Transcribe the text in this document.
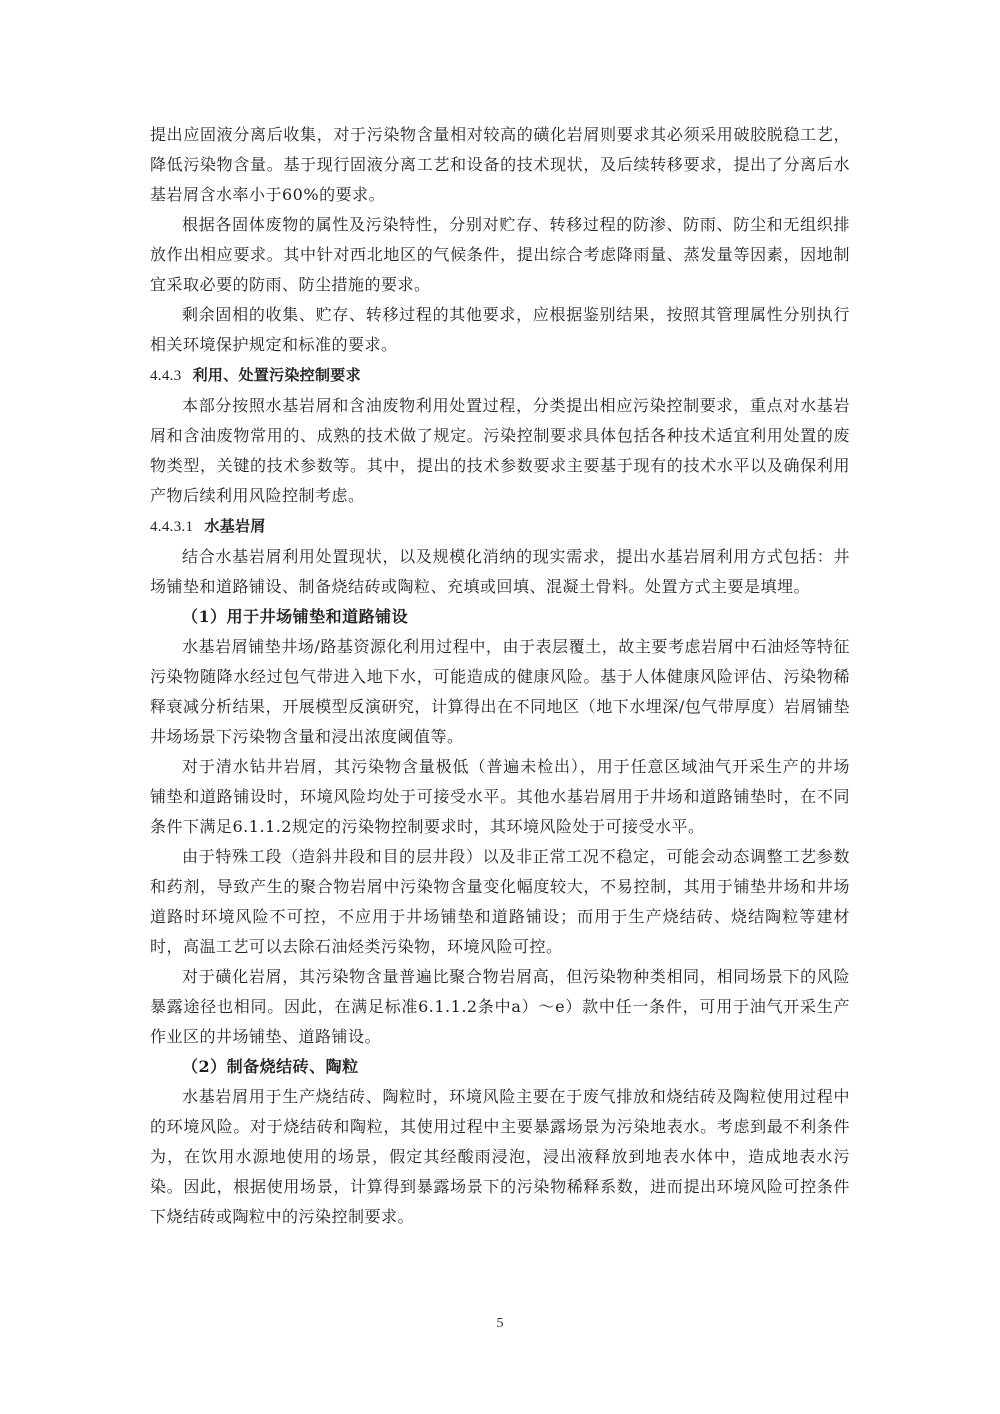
提出应固液分离后收集，对于污染物含量相对较高的磺化岩屑则要求其必须采用破胶脱稳工艺，降低污染物含量。基于现行固液分离工艺和设备的技术现状，及后续转移要求，提出了分离后水基岩屑含水率小于60%的要求。

根据各固体废物的属性及污染特性，分别对贮存、转移过程的防渗、防雨、防尘和无组织排放作出相应要求。其中针对西北地区的气候条件，提出综合考虑降雨量、蒸发量等因素，因地制宜采取必要的防雨、防尘措施的要求。

剩余固相的收集、贮存、转移过程的其他要求，应根据鉴别结果，按照其管理属性分别执行相关环境保护规定和标准的要求。

4.4.3 利用、处置污染控制要求

本部分按照水基岩屑和含油废物利用处置过程，分类提出相应污染控制要求，重点对水基岩屑和含油废物常用的、成熟的技术做了规定。污染控制要求具体包括各种技术适宜利用处置的废物类型，关键的技术参数等。其中，提出的技术参数要求主要基于现有的技术水平以及确保利用产物后续利用风险控制考虑。

4.4.3.1 水基岩屑

结合水基岩屑利用处置现状，以及规模化消纳的现实需求，提出水基岩屑利用方式包括：井场铺垫和道路铺设、制备烧结砖或陶粒、充填或回填、混凝土骨料。处置方式主要是填埋。

（1）用于井场铺垫和道路铺设

水基岩屑铺垫井场/路基资源化利用过程中，由于表层覆土，故主要考虑岩屑中石油烃等特征污染物随降水经过包气带进入地下水，可能造成的健康风险。基于人体健康风险评估、污染物稀释衰减分析结果，开展模型反演研究，计算得出在不同地区（地下水埋深/包气带厚度）岩屑铺垫井场场景下污染物含量和浸出浓度阈值等。

对于清水钻井岩屑，其污染物含量极低（普遍未检出），用于任意区域油气开采生产的井场铺垫和道路铺设时，环境风险均处于可接受水平。其他水基岩屑用于井场和道路铺垫时，在不同条件下满足6.1.1.2规定的污染物控制要求时，其环境风险处于可接受水平。

由于特殊工段（造斜井段和目的层井段）以及非正常工况不稳定，可能会动态调整工艺参数和药剂，导致产生的聚合物岩屑中污染物含量变化幅度较大，不易控制，其用于铺垫井场和井场道路时环境风险不可控，不应用于井场铺垫和道路铺设；而用于生产烧结砖、烧结陶粒等建材时，高温工艺可以去除石油烃类污染物，环境风险可控。

对于磺化岩屑，其污染物含量普遍比聚合物岩屑高，但污染物种类相同，相同场景下的风险暴露途径也相同。因此，在满足标准6.1.1.2条中a）～e）款中任一条件，可用于油气开采生产作业区的井场铺垫、道路铺设。

（2）制备烧结砖、陶粒

水基岩屑用于生产烧结砖、陶粒时，环境风险主要在于废气排放和烧结砖及陶粒使用过程中的环境风险。对于烧结砖和陶粒，其使用过程中主要暴露场景为污染地表水。考虑到最不利条件为，在饮用水源地使用的场景，假定其经酸雨浸泡，浸出液释放到地表水体中，造成地表水污染。因此，根据使用场景，计算得到暴露场景下的污染物稀释系数，进而提出环境风险可控条件下烧结砖或陶粒中的污染控制要求。

5
